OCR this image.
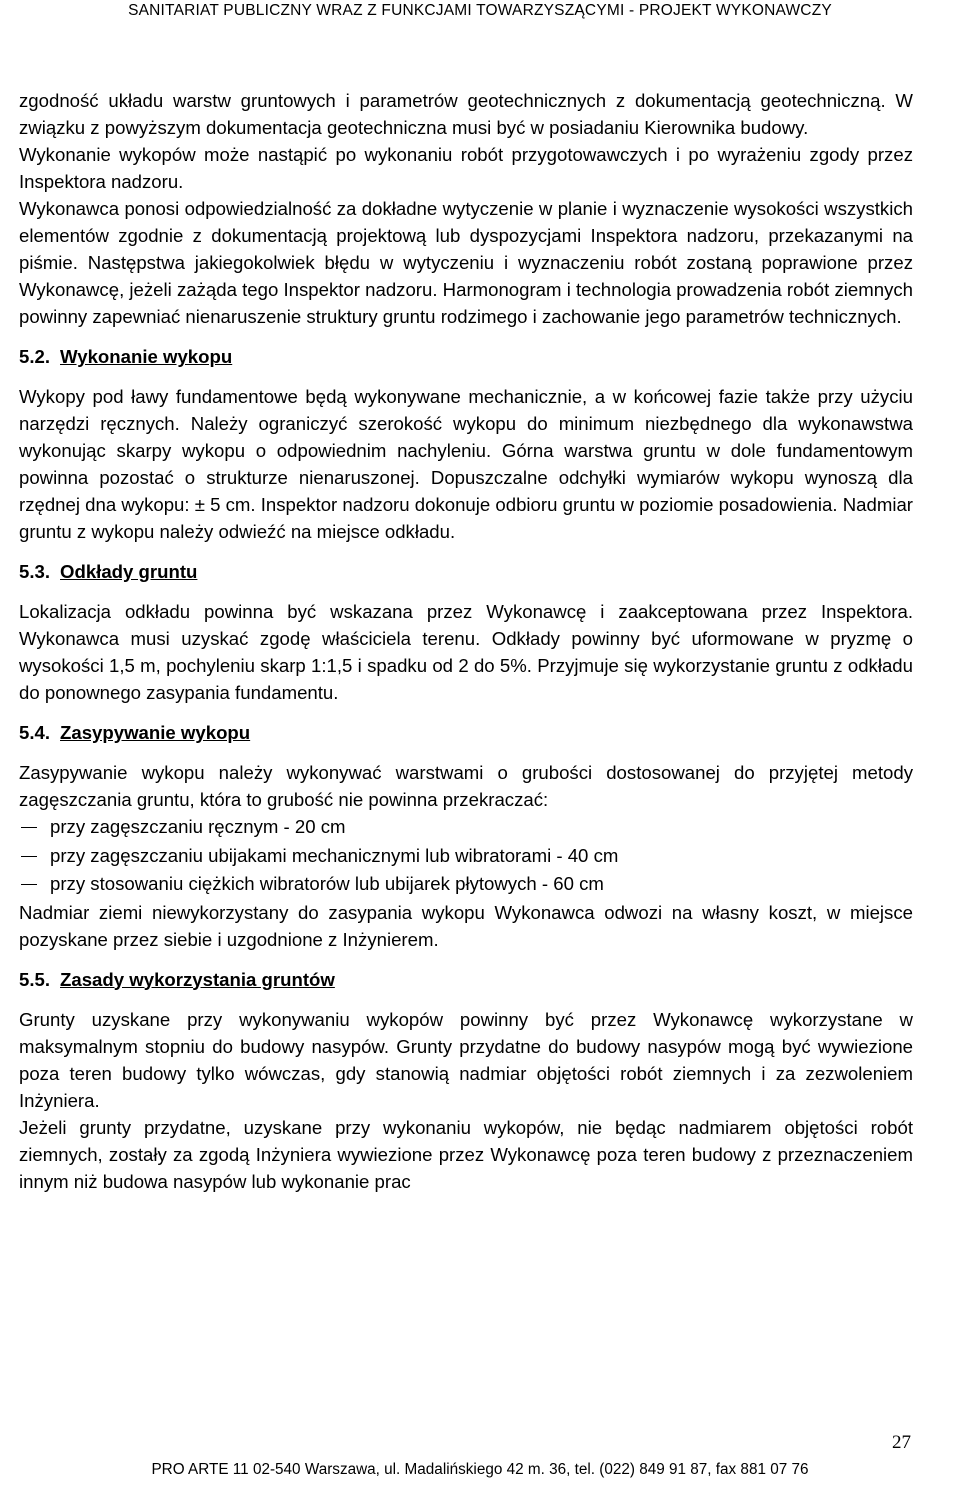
SANITARIAT PUBLICZNY WRAZ Z FUNKCJAMI TOWARZYSZĄCYMI - PROJEKT WYKONAWCZY

zgodność układu warstw gruntowych i parametrów geotechnicznych z dokumentacją geotechniczną. W związku z powyższym dokumentacja geotechniczna musi być w posiadaniu Kierownika budowy.

Wykonanie wykopów może nastąpić po wykonaniu robót przygotowawczych i po wyrażeniu zgody przez Inspektora nadzoru.

Wykonawca ponosi odpowiedzialność za dokładne wytyczenie w planie i wyznaczenie wysokości wszystkich elementów zgodnie z dokumentacją projektową lub dyspozycjami Inspektora nadzoru, przekazanymi na piśmie. Następstwa jakiegokolwiek błędu w wytyczeniu i wyznaczeniu robót zostaną poprawione przez Wykonawcę, jeżeli zażąda tego Inspektor nadzoru. Harmonogram i technologia prowadzenia robót ziemnych powinny zapewniać nienaruszenie struktury gruntu rodzimego i zachowanie jego parametrów technicznych.

5.2. Wykonanie wykopu

Wykopy pod ławy fundamentowe będą wykonywane mechanicznie, a w końcowej fazie także przy użyciu narzędzi ręcznych. Należy ograniczyć szerokość wykopu do minimum niezbędnego dla wykonawstwa wykonując skarpy wykopu o odpowiednim nachyleniu. Górna warstwa gruntu w dole fundamentowym powinna pozostać o strukturze nienaruszonej. Dopuszczalne odchyłki wymiarów wykopu wynoszą dla rzędnej dna wykopu: ± 5 cm. Inspektor nadzoru dokonuje odbioru gruntu w poziomie posadowienia. Nadmiar gruntu z wykopu należy odwieźć na miejsce odkładu.

5.3. Odkłady gruntu

Lokalizacja odkładu powinna być wskazana przez Wykonawcę i zaakceptowana przez Inspektora. Wykonawca musi uzyskać zgodę właściciela terenu. Odkłady powinny być uformowane w pryzmę o wysokości 1,5 m, pochyleniu skarp 1:1,5 i spadku od 2 do 5%. Przyjmuje się wykorzystanie gruntu z odkładu do ponownego zasypania fundamentu.

5.4. Zasypywanie wykopu

Zasypywanie wykopu należy wykonywać warstwami o grubości dostosowanej do przyjętej metody zagęszczania gruntu, która to grubość nie powinna przekraczać:

przy zagęszczaniu ręcznym - 20 cm
przy zagęszczaniu ubijakami mechanicznymi lub wibratorami - 40 cm
przy stosowaniu ciężkich wibratorów lub ubijarek płytowych - 60 cm

Nadmiar ziemi niewykorzystany do zasypania wykopu Wykonawca odwozi na własny koszt, w miejsce pozyskane przez siebie i uzgodnione z Inżynierem.

5.5. Zasady wykorzystania gruntów

Grunty uzyskane przy wykonywaniu wykopów powinny być przez Wykonawcę wykorzystane w maksymalnym stopniu do budowy nasypów. Grunty przydatne do budowy nasypów mogą być wywiezione poza teren budowy tylko wówczas, gdy stanowią nadmiar objętości robót ziemnych i za zezwoleniem Inżyniera.

Jeżeli grunty przydatne, uzyskane przy wykonaniu wykopów, nie będąc nadmiarem objętości robót ziemnych, zostały za zgodą Inżyniera wywiezione przez Wykonawcę poza teren budowy z przeznaczeniem innym niż budowa nasypów lub wykonanie prac

27
PRO ARTE 11 02-540 Warszawa, ul. Madalińskiego 42 m. 36, tel. (022) 849 91 87, fax 881 07 76
